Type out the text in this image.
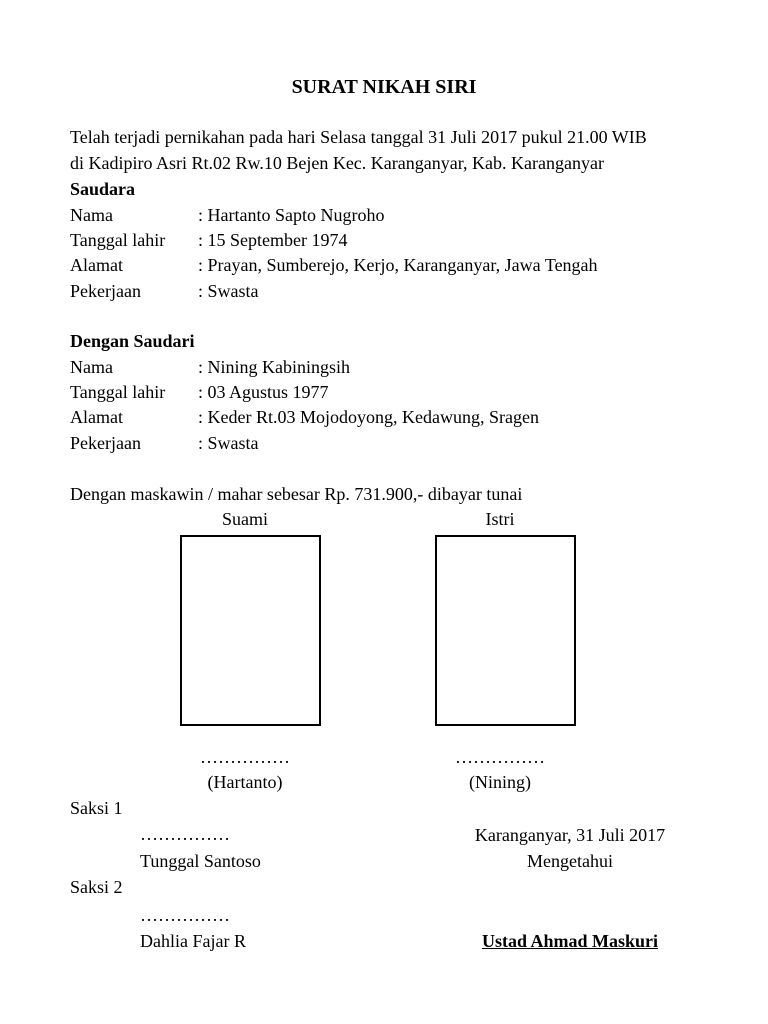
SURAT NIKAH SIRI
Telah terjadi pernikahan pada hari Selasa tanggal 31 Juli 2017 pukul 21.00 WIB
di Kadipiro Asri Rt.02 Rw.10 Bejen Kec. Karanganyar, Kab. Karanganyar
Saudara
Nama	: Hartanto Sapto Nugroho
Tanggal lahir : 15 September 1974
Alamat	: Prayan, Sumberejo, Kerjo, Karanganyar, Jawa Tengah
Pekerjaan	: Swasta
Dengan Saudari
Nama	: Nining Kabiningsih
Tanggal lahir : 03 Agustus 1977
Alamat	: Keder Rt.03 Mojodoyong, Kedawung, Sragen
Pekerjaan	: Swasta
Dengan maskawin / mahar sebesar Rp. 731.900,- dibayar tunai
Suami	Istri
……………	……………
(Hartanto)	(Nining)
Saksi 1
……………
Tunggal Santoso
Saksi 2
……………
Dahlia Fajar R
Karanganyar, 31 Juli 2017
Mengetahui
Ustad Ahmad Maskuri
